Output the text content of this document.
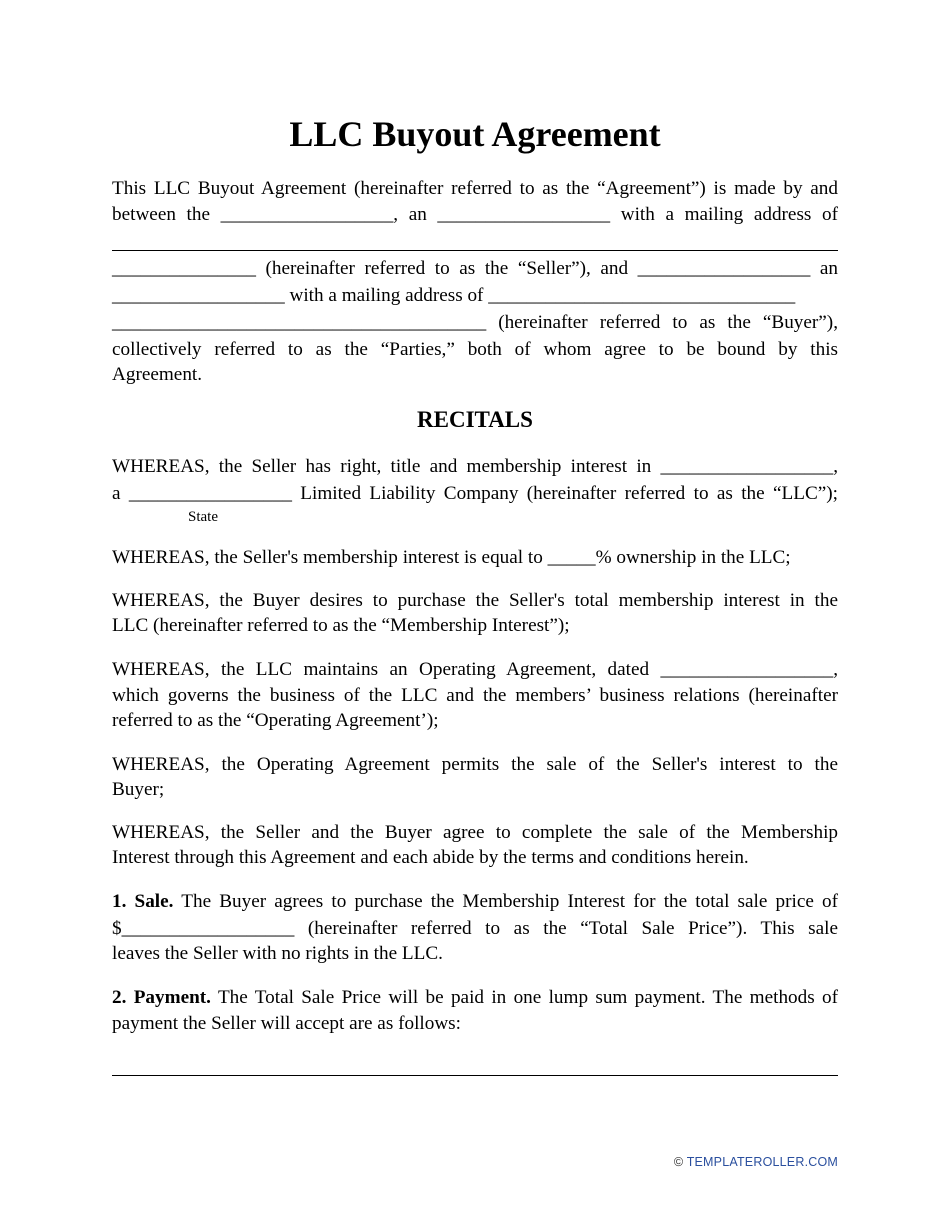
LLC Buyout Agreement
This LLC Buyout Agreement (hereinafter referred to as the “Agreement”) is made by and
between the __________________, an __________________ with a mailing address of
_______________ (hereinafter referred to as the “Seller”), and __________________ an
__________________ with a mailing address of ________________________________
_______________________________________ (hereinafter referred to as the “Buyer”),
collectively referred to as the “Parties,” both of whom agree to be bound by this
Agreement.
RECITALS
WHEREAS, the Seller has right, title and membership interest in __________________,
a _________________ Limited Liability Company (hereinafter referred to as the “LLC”);
State
WHEREAS, the Seller's membership interest is equal to _____% ownership in the LLC;
WHEREAS, the Buyer desires to purchase the Seller's total membership interest in the
LLC (hereinafter referred to as the “Membership Interest”);
WHEREAS, the LLC maintains an Operating Agreement, dated __________________,
which governs the business of the LLC and the members’ business relations (hereinafter
referred to as the “Operating Agreement’);
WHEREAS, the Operating Agreement permits the sale of the Seller's interest to the
Buyer;
WHEREAS, the Seller and the Buyer agree to complete the sale of the Membership
Interest through this Agreement and each abide by the terms and conditions herein.
1. Sale. The Buyer agrees to purchase the Membership Interest for the total sale price of
$__________________ (hereinafter referred to as the “Total Sale Price”). This sale
leaves the Seller with no rights in the LLC.
2. Payment. The Total Sale Price will be paid in one lump sum payment. The methods of
payment the Seller will accept are as follows:
© TEMPLATEROLLER.COM
